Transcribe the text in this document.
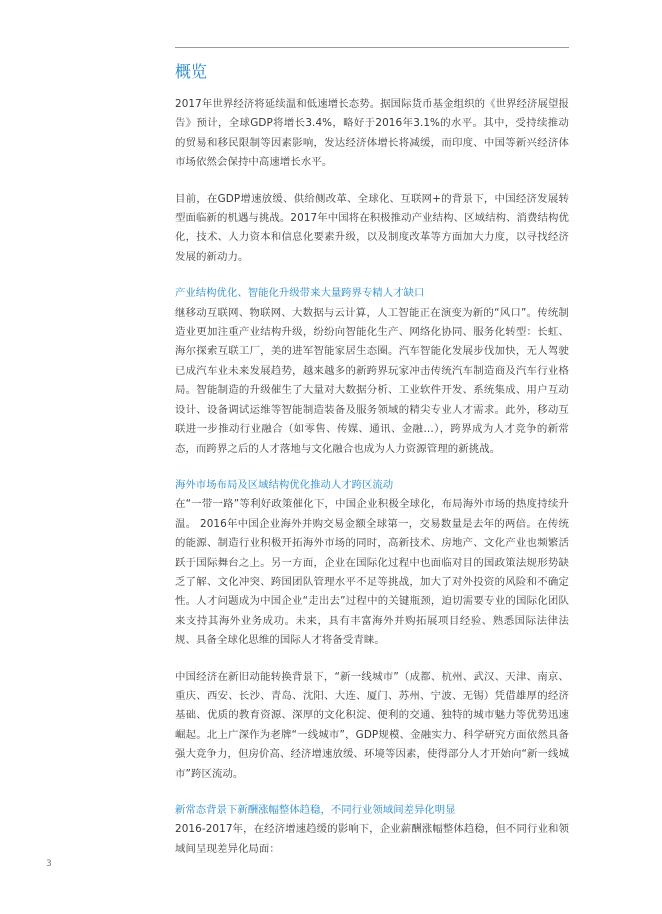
概览

2017年世界经济将延续温和低速增长态势。据国际货币基金组织的《世界经济展望报告》预计，全球GDP将增长3.4%，略好于2016年3.1%的水平。其中，受持续推动的贸易和移民限制等因素影响，发达经济体增长将减缓，而印度、中国等新兴经济体市场依然会保持中高速增长水平。

目前，在GDP增速放缓、供给侧改革、全球化、互联网+的背景下，中国经济发展转型面临新的机遇与挑战。2017年中国将在积极推动产业结构、区域结构、消费结构优化，技术、人力资本和信息化要素升级，以及制度改革等方面加大力度，以寻找经济发展的新动力。

产业结构优化、智能化升级带来大量跨界专精人才缺口

继移动互联网、物联网、大数据与云计算，人工智能正在演变为新的“风口”。传统制造业更加注重产业结构升级，纷纷向智能化生产、网络化协同、服务化转型：长虹、海尔探索互联工厂，美的进军智能家居生态圈。汽车智能化发展步伐加快，无人驾驶已成汽车业未来发展趋势，越来越多的新跨界玩家冲击传统汽车制造商及汽车行业格局。智能制造的升级催生了大量对大数据分析、工业软件开发、系统集成、用户互动设计、设备调试运维等智能制造装备及服务领域的精尖专业人才需求。此外，移动互联进一步推动行业融合（如零售、传媒、通讯、金融…），跨界成为人才竞争的新常态，而跨界之后的人才落地与文化融合也成为人力资源管理的新挑战。

海外市场布局及区域结构优化推动人才跨区流动

在“一带一路”等利好政策催化下，中国企业积极全球化，布局海外市场的热度持续升温。 2016年中国企业海外并购交易金额全球第一，交易数量是去年的两倍。在传统的能源、制造行业积极开拓海外市场的同时，高新技术、房地产、文化产业也频繁活跃于国际舞台之上。另一方面，企业在国际化过程中也面临对目的国政策法规形势缺乏了解、文化冲突、跨国团队管理水平不足等挑战，加大了对外投资的风险和不确定性。人才问题成为中国企业“走出去”过程中的关键瓶颈，迫切需要专业的国际化团队来支持其海外业务成功。未来，具有丰富海外并购拓展项目经验、熟悉国际法律法规、具备全球化思维的国际人才将备受青睐。

中国经济在新旧动能转换背景下，“新一线城市”（成都、杭州、武汉、天津、南京、重庆、西安、长沙、青岛、沈阳、大连、厦门、苏州、宁波、无锡）凭借雄厚的经济基础、优质的教育资源、深厚的文化积淀、便利的交通、独特的城市魅力等优势迅速崛起。北上广深作为老牌“一线城市”，GDP规模、金融实力、科学研究方面依然具备强大竞争力，但房价高、经济增速放缓、环境等因素，使得部分人才开始向“新一线城市”跨区流动。

新常态背景下新酬涨幅整体趋稳，不同行业领域间差异化明显

2016-2017年，在经济增速趋缓的影响下，企业薪酬涨幅整体趋稳，但不同行业和领域间呈现差异化局面：

3
